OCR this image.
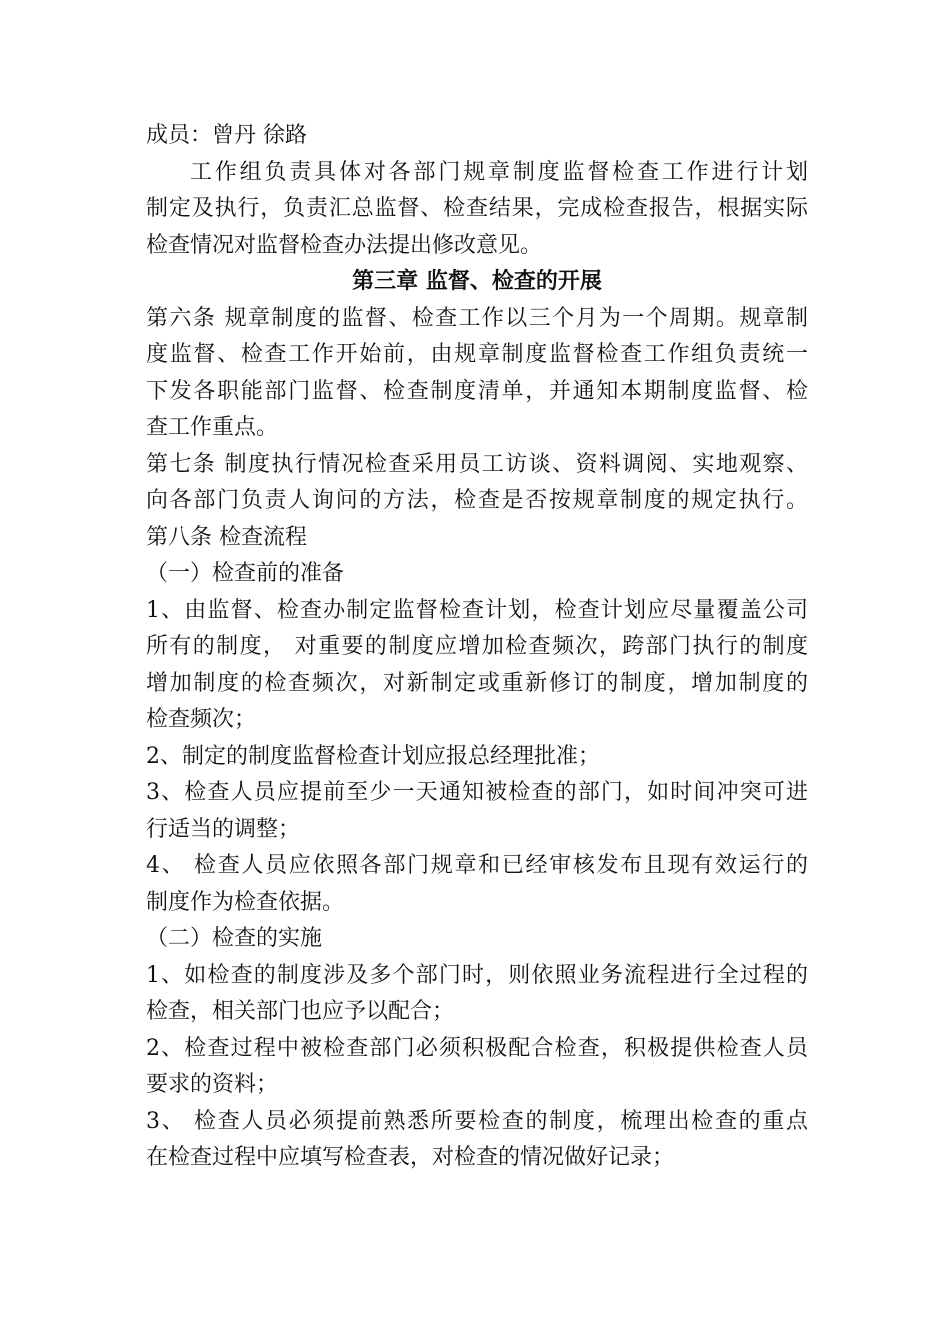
成员：曾丹 徐路
工作组负责具体对各部门规章制度监督检查工作进行计划
制定及执行，负责汇总监督、检查结果，完成检查报告，根据实际
检查情况对监督检查办法提出修改意见。
第三章 监督、检查的开展
第六条 规章制度的监督、检查工作以三个月为一个周期。规章制
度监督、检查工作开始前，由规章制度监督检查工作组负责统一
下发各职能部门监督、检查制度清单，并通知本期制度监督、检
查工作重点。
第七条 制度执行情况检查采用员工访谈、资料调阅、实地观察、
向各部门负责人询问的方法，检查是否按规章制度的规定执行。
第八条 检查流程
（一）检查前的准备
1、由监督、检查办制定监督检查计划，检查计划应尽量覆盖公司
所有的制度， 对重要的制度应增加检查频次，跨部门执行的制度
增加制度的检查频次，对新制定或重新修订的制度，增加制度的
检查频次；
2、制定的制度监督检查计划应报总经理批准；
3、检查人员应提前至少一天通知被检查的部门，如时间冲突可进
行适当的调整；
4、 检查人员应依照各部门规章和已经审核发布且现有效运行的
制度作为检查依据。
（二）检查的实施
1、如检查的制度涉及多个部门时，则依照业务流程进行全过程的
检查，相关部门也应予以配合；
2、检查过程中被检查部门必须积极配合检查，积极提供检查人员
要求的资料；
3、 检查人员必须提前熟悉所要检查的制度，梳理出检查的重点
在检查过程中应填写检查表，对检查的情况做好记录；
